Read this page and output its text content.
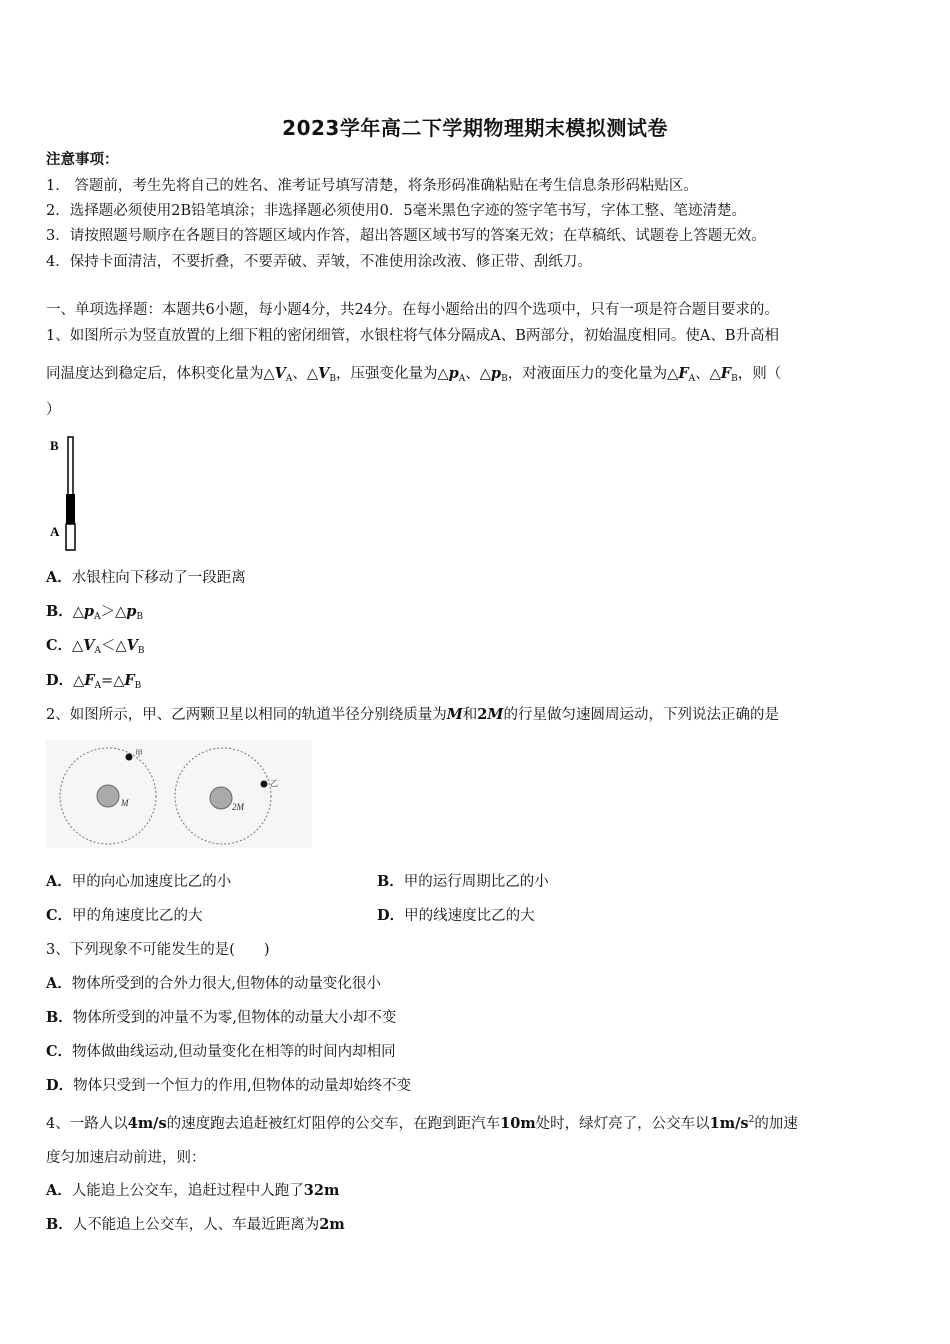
2023学年高二下学期物理期末模拟测试卷
注意事项：
1． 答题前，考生先将自己的姓名、准考证号填写清楚，将条形码准确粘贴在考生信息条形码粘贴区。
2．选择题必须使用2B铅笔填涂；非选择题必须使用0．5毫米黑色字迹的签字笔书写，字体工整、笔迹清楚。
3．请按照题号顺序在各题目的答题区域内作答，超出答题区域书写的答案无效；在草稿纸、试题卷上答题无效。
4．保持卡面清洁，不要折叠，不要弄破、弄皱，不准使用涂改液、修正带、刮纸刀。
一、单项选择题：本题共6小题，每小题4分，共24分。在每小题给出的四个选项中，只有一项是符合题目要求的。
1、如图所示为竖直放置的上细下粗的密闭细管，水银柱将气体分隔成A、B两部分，初始温度相同。使A、B升高相
同温度达到稳定后，体积变化量为$\triangle V_A$、$\triangle V_B$，压强变化量为$\triangle p_A$、$\triangle p_B$，对液面压力的变化量为$\triangle F_A$、$\triangle F_B$，则（
）
B
A
A．水银柱向下移动了一段距离
B．$\triangle p_A>\triangle p_B$
C．$\triangle V_A<\triangle V_B$
D．$\triangle F_A=\triangle F_B$
2、如图所示，甲、乙两颗卫星以相同的轨道半径分别绕质量为M和2M的行星做匀速圆周运动，下列说法正确的是
M
甲
2M
乙
A．甲的向心加速度比乙的小	B．甲的运行周期比乙的小
C．甲的角速度比乙的大	D．甲的线速度比乙的大
3、下列现象不可能发生的是(　　)
A．物体所受到的合外力很大,但物体的动量变化很小
B．物体所受到的冲量不为零,但物体的动量大小却不变
C．物体做曲线运动,但动量变化在相等的时间内却相同
D．物体只受到一个恒力的作用,但物体的动量却始终不变
4、一路人以4m/s的速度跑去追赶被红灯阻停的公交车，在跑到距汽车10m处时，绿灯亮了，公交车以$1m/s^2$的加速
度匀加速启动前进，则：
A．人能追上公交车，追赶过程中人跑了32m
B．人不能追上公交车，人、车最近距离为2m
